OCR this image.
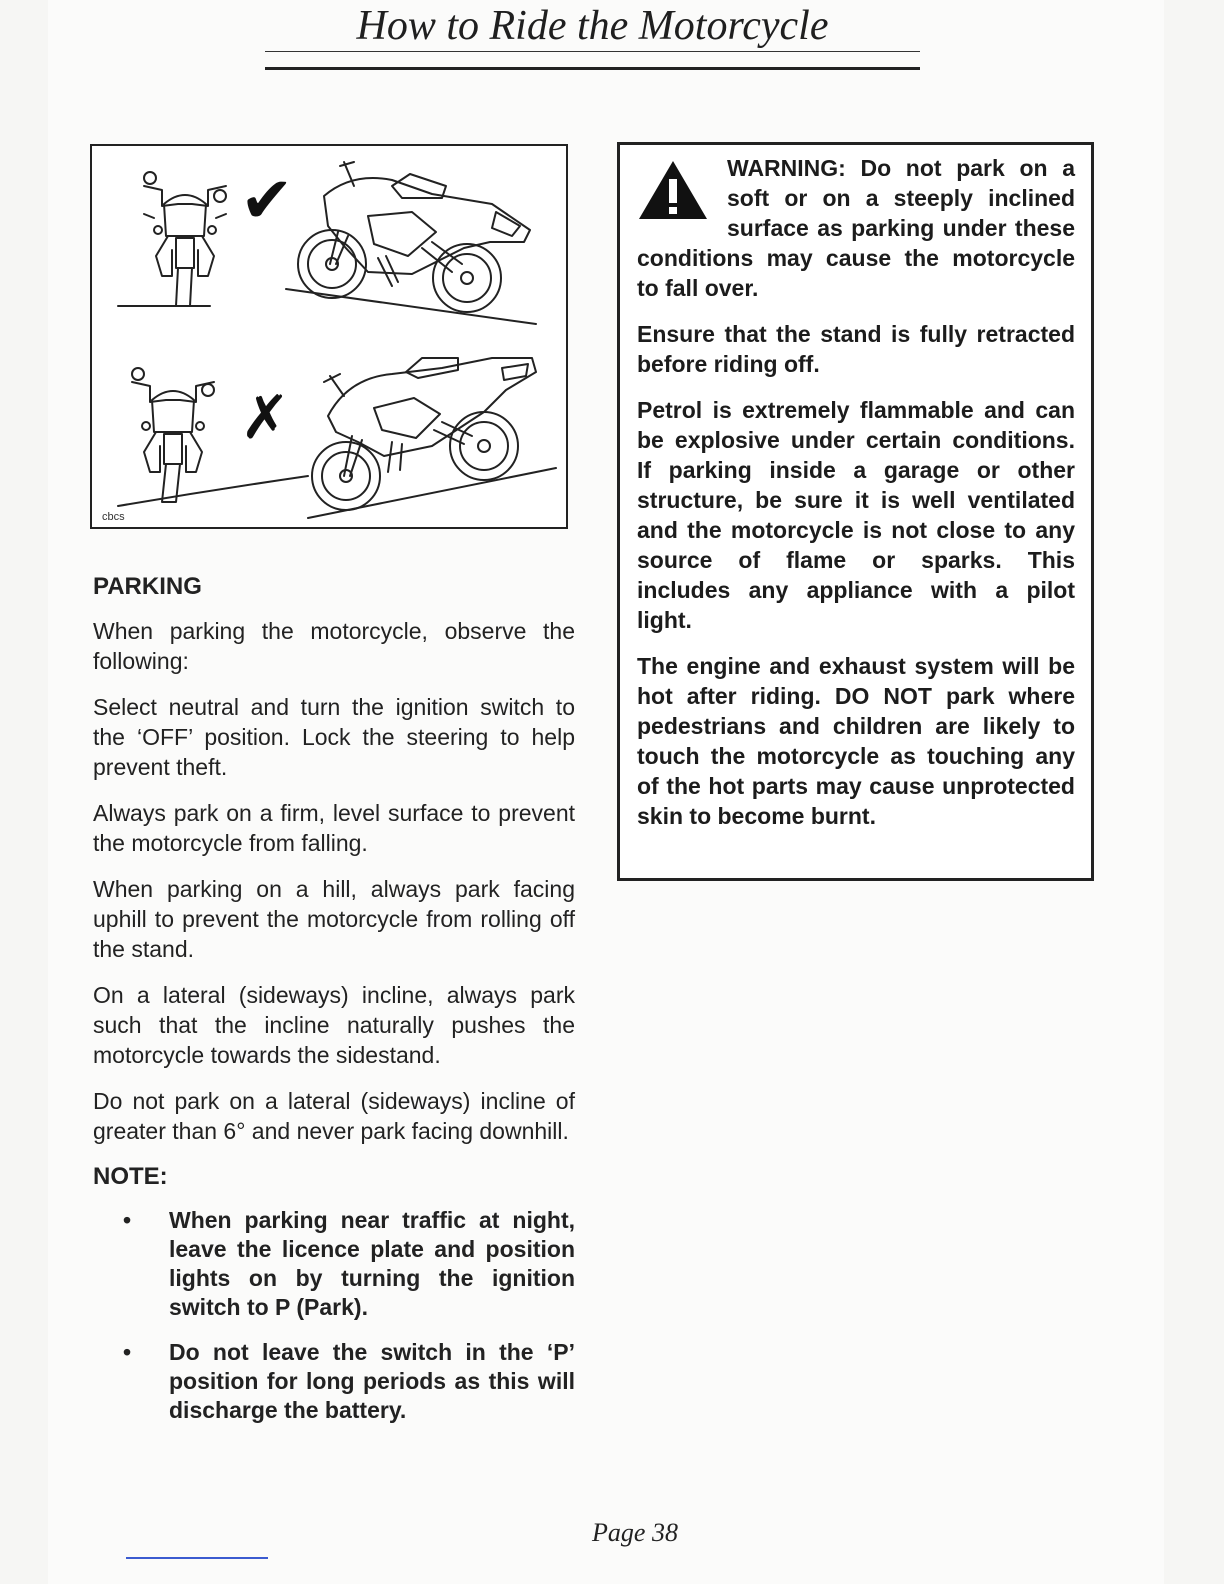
How to Ride the Motorcycle
✔
✗
cbcs
PARKING

When parking the motorcycle, observe the following:

Select neutral and turn the ignition switch to the ‘OFF’ position. Lock the steering to help prevent theft.

Always park on a firm, level surface to prevent the motorcycle from falling.

When parking on a hill, always park facing uphill to prevent the motorcycle from rolling off the stand.

On a lateral (sideways) incline, always park such that the incline naturally pushes the motorcycle towards the sidestand.

Do not park on a lateral (sideways) incline of greater than 6° and never park facing downhill.

NOTE:
• When parking near traffic at night, leave the licence plate and position lights on by turning the ignition switch to P (Park).
• Do not leave the switch in the ‘P’ position for long periods as this will discharge the battery.

WARNING: Do not park on a soft or on a steeply inclined surface as parking under these conditions may cause the motorcycle to fall over.

Ensure that the stand is fully retracted before riding off.

Petrol is extremely flammable and can be explosive under certain conditions. If parking inside a garage or other structure, be sure it is well ventilated and the motorcycle is not close to any source of flame or sparks. This includes any appliance with a pilot light.

The engine and exhaust system will be hot after riding. DO NOT park where pedestrians and children are likely to touch the motorcycle as touching any of the hot parts may cause unprotected skin to become burnt.

Page 38
